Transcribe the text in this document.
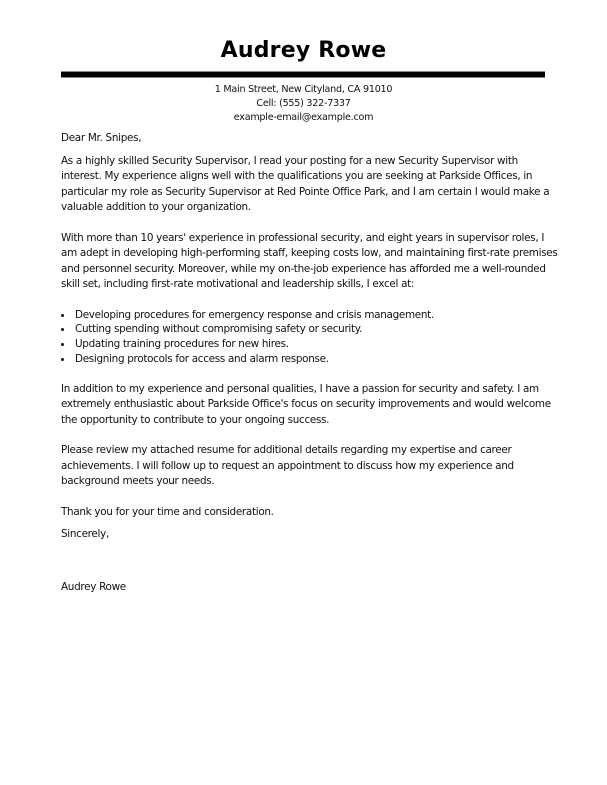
Audrey Rowe
1 Main Street, New Cityland, CA 91010
Cell: (555) 322-7337
example-email@example.com
Dear Mr. Snipes,
As a highly skilled Security Supervisor, I read your posting for a new Security Supervisor with
interest. My experience aligns well with the qualifications you are seeking at Parkside Offices, in
particular my role as Security Supervisor at Red Pointe Office Park, and I am certain I would make a
valuable addition to your organization.
With more than 10 years' experience in professional security, and eight years in supervisor roles, I
am adept in developing high-performing staff, keeping costs low, and maintaining first-rate premises
and personnel security. Moreover, while my on-the-job experience has afforded me a well-rounded
skill set, including first-rate motivational and leadership skills, I excel at:
Developing procedures for emergency response and crisis management.
Cutting spending without compromising safety or security.
Updating training procedures for new hires.
Designing protocols for access and alarm response.
In addition to my experience and personal qualities, I have a passion for security and safety. I am
extremely enthusiastic about Parkside Office's focus on security improvements and would welcome
the opportunity to contribute to your ongoing success.
Please review my attached resume for additional details regarding my expertise and career
achievements. I will follow up to request an appointment to discuss how my experience and
background meets your needs.
Thank you for your time and consideration.
Sincerely,
Audrey Rowe
